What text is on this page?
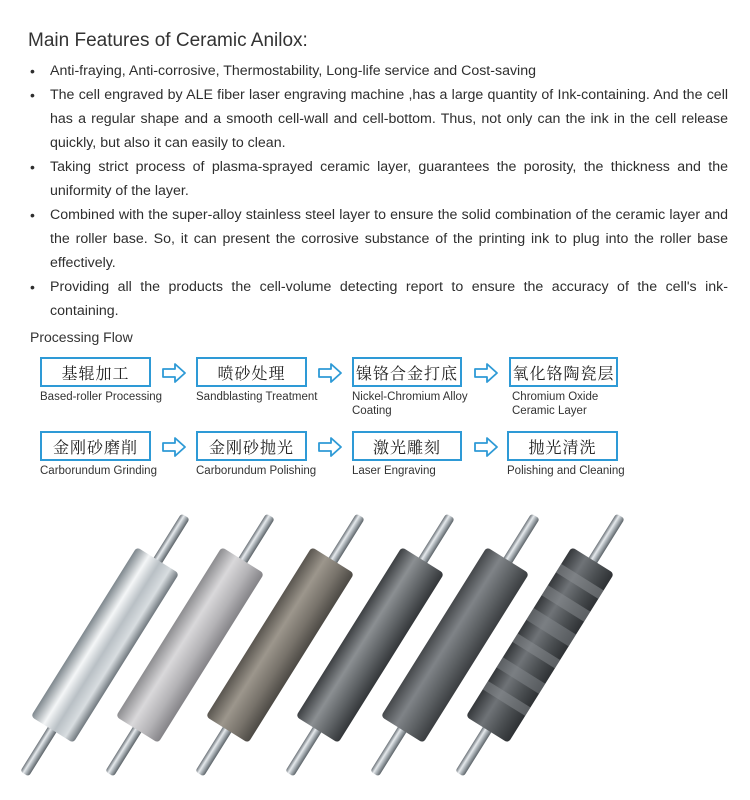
Main Features of Ceramic Anilox:
• Anti-fraying, Anti-corrosive, Thermostability, Long-life service and Cost-saving
• The cell engraved by ALE fiber laser engraving machine ,has a large quantity of Ink-containing. And the cell has a regular shape and a smooth cell-wall and cell-bottom. Thus, not only can the ink in the cell release quickly, but also it can easily to clean.
• Taking strict process of plasma-sprayed ceramic layer, guarantees the porosity, the thickness and the uniformity of the layer.
• Combined with the super-alloy stainless steel layer to ensure the solid combination of the ceramic layer and the roller base. So, it can present the corrosive substance of the printing ink to plug into the roller base effectively.
• Providing all the products the cell-volume detecting report to ensure the accuracy of the cell's ink-containing.
Processing Flow
基辊加工
Based-roller Processing
喷砂处理
Sandblasting Treatment
镍铬合金打底
Nickel-Chromium Alloy
Coating
氧化铬陶瓷层
Chromium Oxide
Ceramic Layer
金刚砂磨削
Carborundum Grinding
金刚砂抛光
Carborundum Polishing
激光雕刻
Laser Engraving
抛光清洗
Polishing and Cleaning
